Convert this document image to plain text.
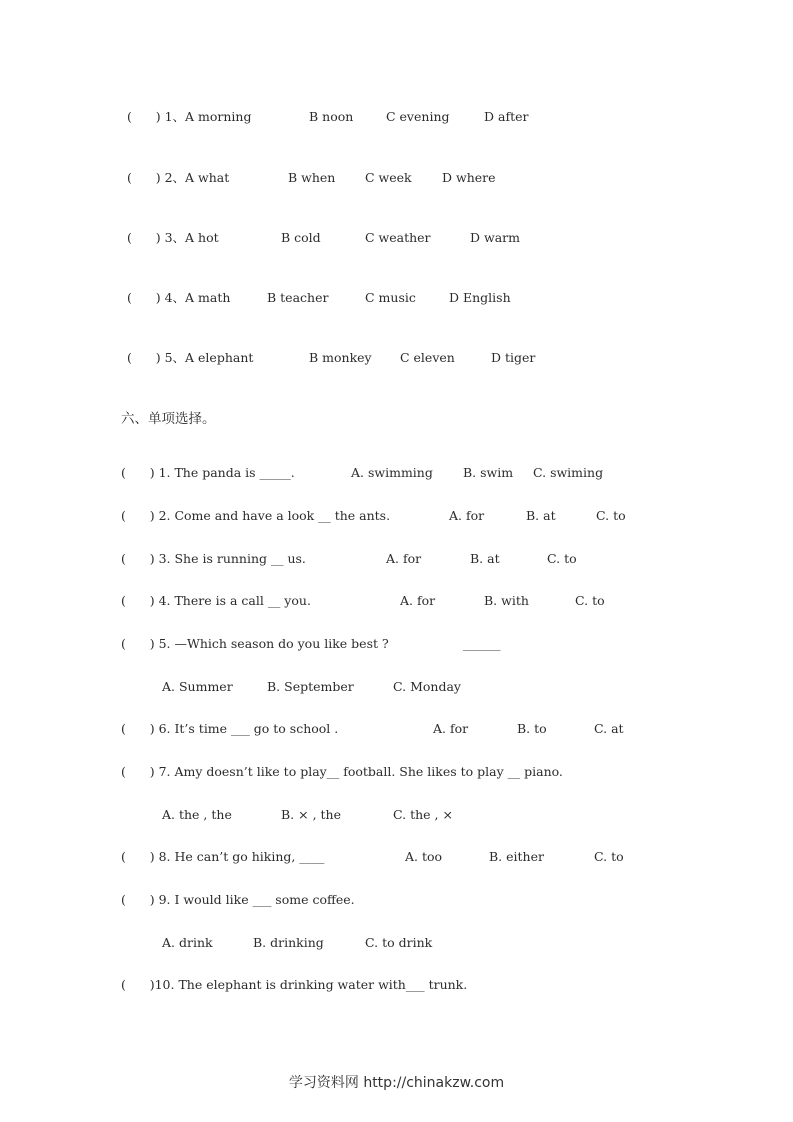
(      ) 1、A morning	B noon	C evening	D after
(      ) 2、A what	B when C week D where
(      ) 3、A hot	B cold	C weather	D warm
(      ) 4、A math	B teacher	C music	D English
(      ) 5、A elephant	B monkey C eleven	D tiger
六、单项选择。
(      ) 1. The panda is _____.	A. swimming B. swim C. swiming
(      ) 2. Come and have a look __ the ants.	A. for	B. at	C. to
(      ) 3. She is running __ us.	A. for	B. at	C. to
(      ) 4. There is a call __ you.	A. for	B. with	C. to
(      ) 5. —Which season do you like best ?	______
A. Summer	B. September	C. Monday
(      ) 6. It’s time ___ go to school .	A. for	B. to	C. at
(      ) 7. Amy doesn’t like to play__ football. She likes to play __ piano.
A. the , the	B. × , the	C. the , ×
(      ) 8. He can’t go hiking, ____	A. too	B. either	C. to
(      ) 9. I would like ___ some coffee.
A. drink	B. drinking	C. to drink
(      )10. The elephant is drinking water with___ trunk.
学习资料网 http://chinakzw.com
